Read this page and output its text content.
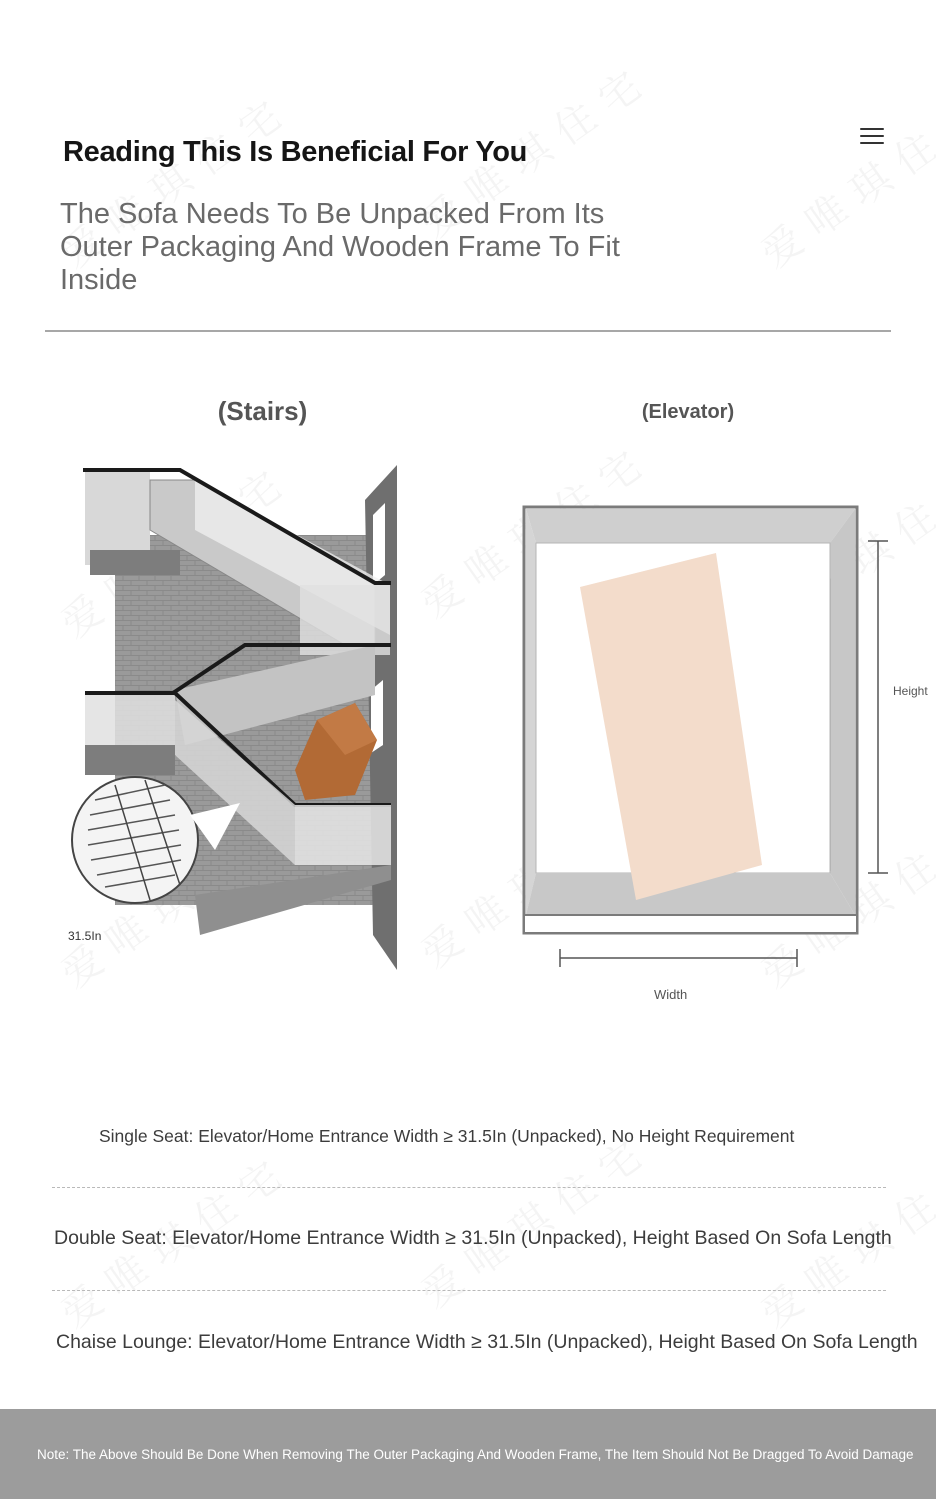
Reading This Is Beneficial For You

The Sofa Needs To Be Unpacked From Its Outer Packaging And Wooden Frame To Fit Inside

(Stairs)	(Elevator)
31.5In
Height
Width

Single Seat: Elevator/Home Entrance Width ≥ 31.5In (Unpacked), No Height Requirement

Double Seat: Elevator/Home Entrance Width ≥ 31.5In (Unpacked), Height Based On Sofa Length

Chaise Lounge: Elevator/Home Entrance Width ≥ 31.5In (Unpacked), Height Based On Sofa Length

Note: The Above Should Be Done When Removing The Outer Packaging And Wooden Frame, The Item Should Not Be Dragged To Avoid Damage
